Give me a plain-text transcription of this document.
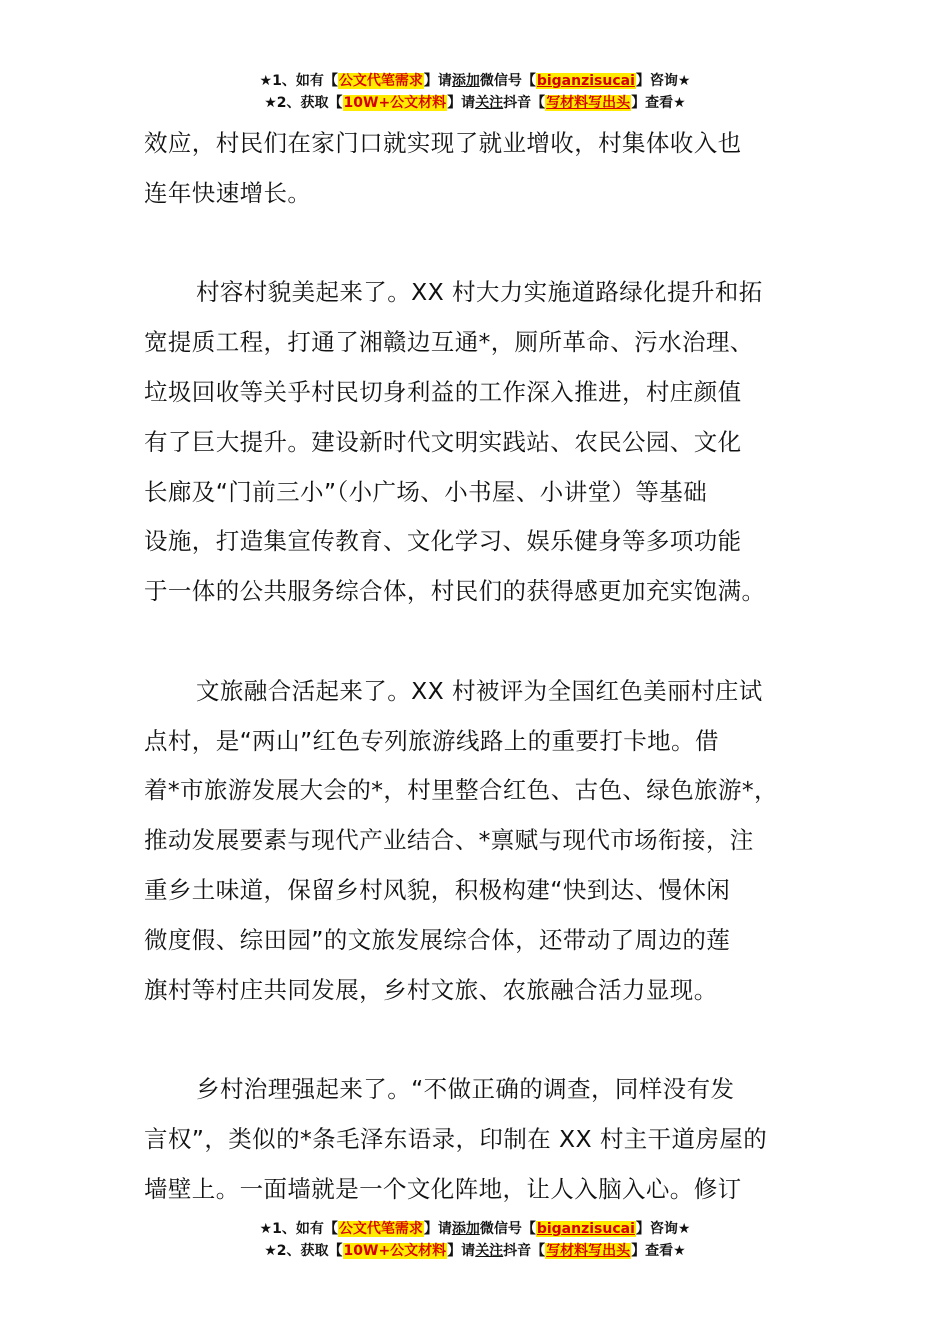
★1、如有【公文代笔需求】请添加微信号【biganzisucai】咨询★
★2、获取【10W+公文材料】请关注抖音【写材料写出头】查看★

效应，村民们在家门口就实现了就业增收，村集体收入也

连年快速增长。

村容村貌美起来了。XX 村大力实施道路绿化提升和拓

宽提质工程，打通了湘赣边互通*，厕所革命、污水治理、

垃圾回收等关乎村民切身利益的工作深入推进，村庄颜值

有了巨大提升。建设新时代文明实践站、农民公园、文化

长廊及“门前三小”（小广场、小书屋、小讲堂）等基础

设施，打造集宣传教育、文化学习、娱乐健身等多项功能

于一体的公共服务综合体，村民们的获得感更加充实饱满。

文旅融合活起来了。XX 村被评为全国红色美丽村庄试

点村，是“两山”红色专列旅游线路上的重要打卡地。借

着*市旅游发展大会的*，村里整合红色、古色、绿色旅游*，

推动发展要素与现代产业结合、*禀赋与现代市场衔接，注

重乡土味道，保留乡村风貌，积极构建“快到达、慢休闲

微度假、综田园”的文旅发展综合体，还带动了周边的莲

旗村等村庄共同发展，乡村文旅、农旅融合活力显现。

乡村治理强起来了。“不做正确的调查，同样没有发

言权”，类似的*条毛泽东语录，印制在 XX 村主干道房屋的

墙壁上。一面墙就是一个文化阵地，让人入脑入心。修订

★1、如有【公文代笔需求】请添加微信号【biganzisucai】咨询★
★2、获取【10W+公文材料】请关注抖音【写材料写出头】查看★
